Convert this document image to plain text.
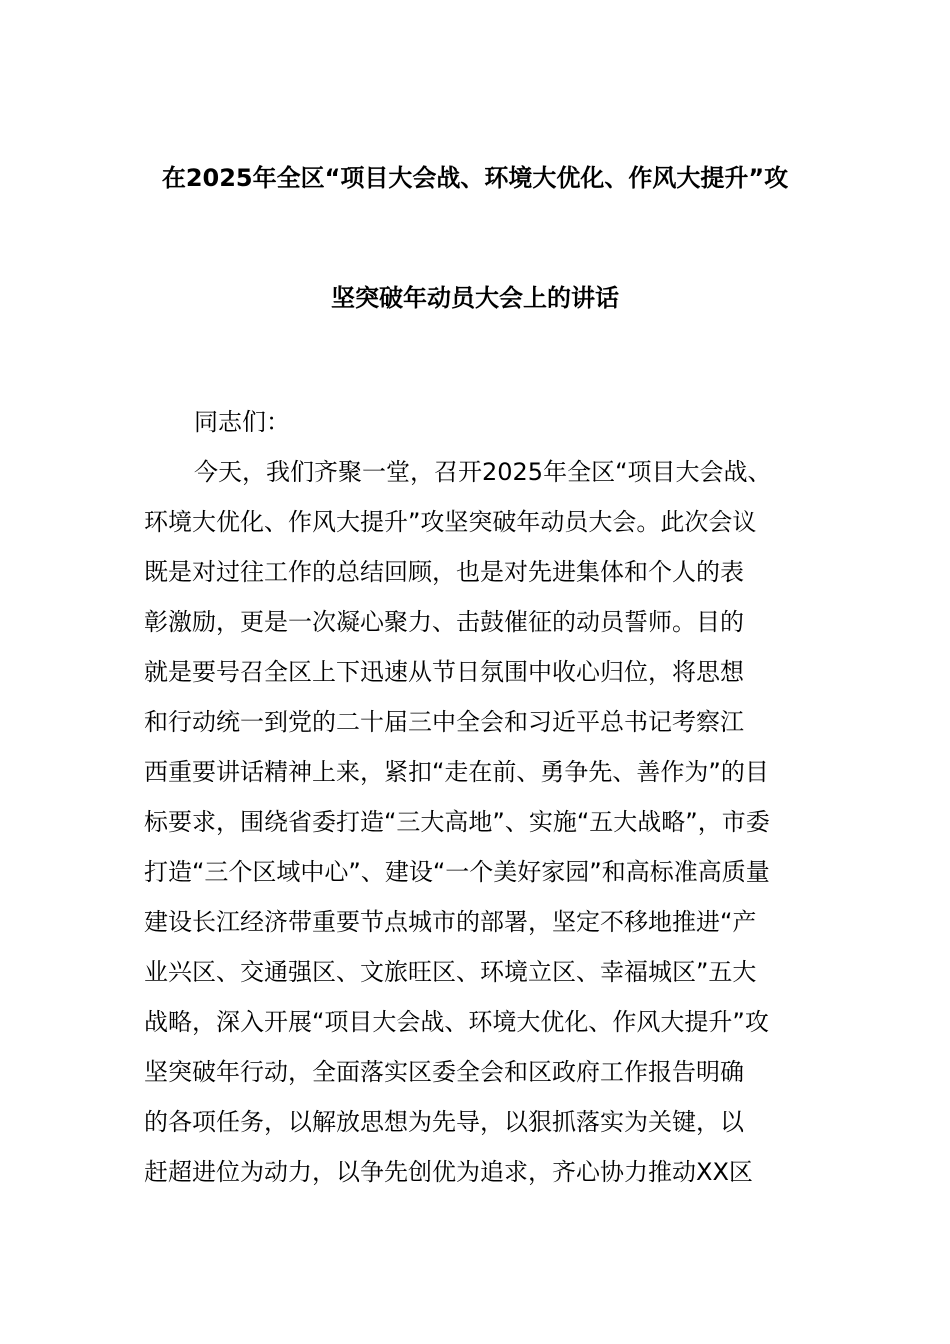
在2025年全区“项目大会战、环境大优化、作风大提升”攻
坚突破年动员大会上的讲话
同志们：
今天，我们齐聚一堂，召开2025年全区“项目大会战、
环境大优化、作风大提升”攻坚突破年动员大会。此次会议
既是对过往工作的总结回顾，也是对先进集体和个人的表
彰激励，更是一次凝心聚力、击鼓催征的动员誓师。目的
就是要号召全区上下迅速从节日氛围中收心归位，将思想
和行动统一到党的二十届三中全会和习近平总书记考察江
西重要讲话精神上来，紧扣“走在前、勇争先、善作为”的目
标要求，围绕省委打造“三大高地”、实施“五大战略”，市委
打造“三个区域中心”、建设“一个美好家园”和高标准高质量
建设长江经济带重要节点城市的部署，坚定不移地推进“产
业兴区、交通强区、文旅旺区、环境立区、幸福城区”五大
战略，深入开展“项目大会战、环境大优化、作风大提升”攻
坚突破年行动，全面落实区委全会和区政府工作报告明确
的各项任务，以解放思想为先导，以狠抓落实为关键，以
赶超进位为动力，以争先创优为追求，齐心协力推动XX区
